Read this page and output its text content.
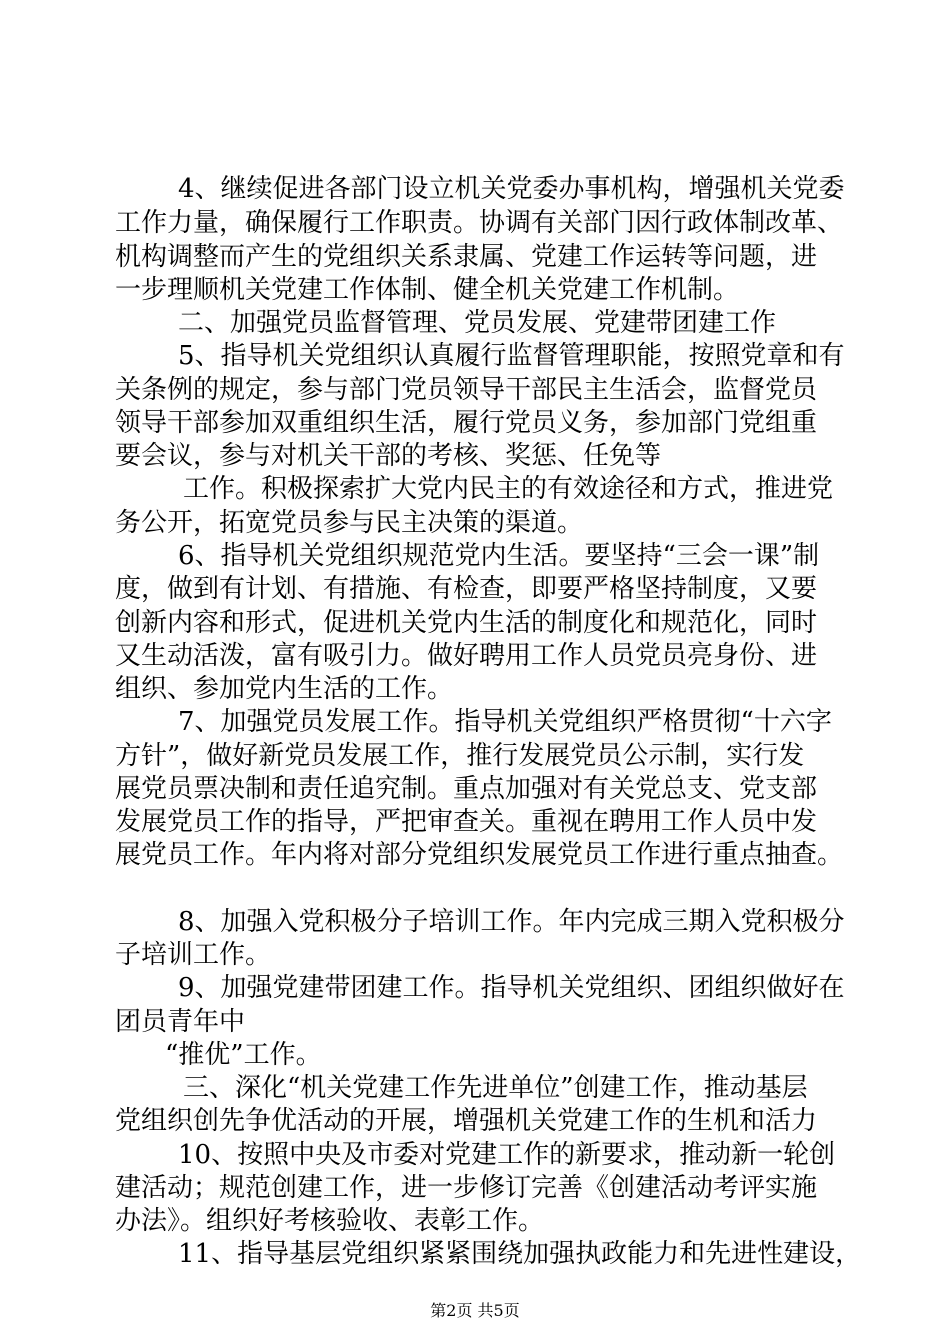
4、继续促进各部门设立机关党委办事机构，增强机关党委
工作力量，确保履行工作职责。协调有关部门因行政体制改革、
机构调整而产生的党组织关系隶属、党建工作运转等问题，进
一步理顺机关党建工作体制、健全机关党建工作机制。
二、加强党员监督管理、党员发展、党建带团建工作
5、指导机关党组织认真履行监督管理职能，按照党章和有
关条例的规定，参与部门党员领导干部民主生活会，监督党员
领导干部参加双重组织生活，履行党员义务，参加部门党组重
要会议，参与对机关干部的考核、奖惩、任免等
工作。积极探索扩大党内民主的有效途径和方式，推进党
务公开，拓宽党员参与民主决策的渠道。
6、指导机关党组织规范党内生活。要坚持“三会一课”制
度，做到有计划、有措施、有检查，即要严格坚持制度，又要
创新内容和形式，促进机关党内生活的制度化和规范化，同时
又生动活泼，富有吸引力。做好聘用工作人员党员亮身份、进
组织、参加党内生活的工作。
7、加强党员发展工作。指导机关党组织严格贯彻“十六字
方针”，做好新党员发展工作，推行发展党员公示制，实行发
展党员票决制和责任追究制。重点加强对有关党总支、党支部
发展党员工作的指导，严把审查关。重视在聘用工作人员中发
展党员工作。年内将对部分党组织发展党员工作进行重点抽查。
8、加强入党积极分子培训工作。年内完成三期入党积极分
子培训工作。
9、加强党建带团建工作。指导机关党组织、团组织做好在
团员青年中
“推优”工作。
三、深化“机关党建工作先进单位”创建工作，推动基层
党组织创先争优活动的开展，增强机关党建工作的生机和活力
10、按照中央及市委对党建工作的新要求，推动新一轮创
建活动；规范创建工作，进一步修订完善《创建活动考评实施
办法》。组织好考核验收、表彰工作。
11、指导基层党组织紧紧围绕加强执政能力和先进性建设，
第2页 共5页
